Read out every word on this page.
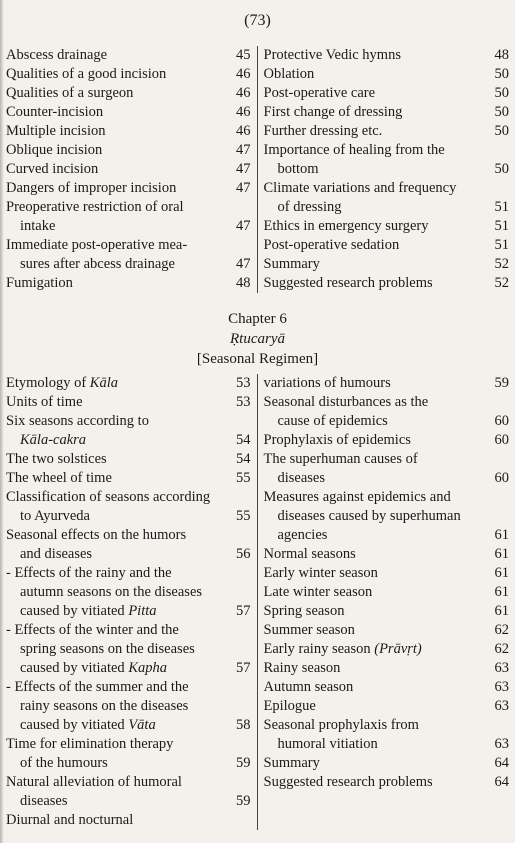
(73)
Abscess drainage	45
Qualities of a good incision	46
Qualities of a surgeon	46
Counter-incision	46
Multiple incision	46
Oblique incision	47
Curved incision	47
Dangers of improper incision	47
Preoperative restriction of oral
intake	47
Immediate post-operative mea-
sures after abcess drainage	47
Fumigation	48
Protective Vedic hymns	48
Oblation	50
Post-operative care	50
First change of dressing	50
Further dressing etc.	50
Importance of healing from the
bottom	50
Climate variations and frequency
of dressing	51
Ethics in emergency surgery	51
Post-operative sedation	51
Summary	52
Suggested research problems	52
Chapter 6
Ṛtucaryā
[Seasonal Regimen]
Etymology of Kāla	53
Units of time	53
Six seasons according to
Kāla-cakra	54
The two solstices	54
The wheel of time	55
Classification of seasons according
to Ayurveda	55
Seasonal effects on the humors
and diseases	56
- Effects of the rainy and the
autumn seasons on the diseases
caused by vitiated Pitta	57
- Effects of the winter and the
spring seasons on the diseases
caused by vitiated Kapha	57
- Effects of the summer and the
rainy seasons on the diseases
caused by vitiated Vāta	58
Time for elimination therapy
of the humours	59
Natural alleviation of humoral
diseases	59
Diurnal and nocturnal
variations of humours	59
Seasonal disturbances as the
cause of epidemics	60
Prophylaxis of epidemics	60
The superhuman causes of
diseases	60
Measures against epidemics and
diseases caused by superhuman
agencies	61
Normal seasons	61
Early winter season	61
Late winter season	61
Spring season	61
Summer season	62
Early rainy season (Prāvṛt)	62
Rainy season	63
Autumn season	63
Epilogue	63
Seasonal prophylaxis from
humoral vitiation	63
Summary	64
Suggested research problems	64
